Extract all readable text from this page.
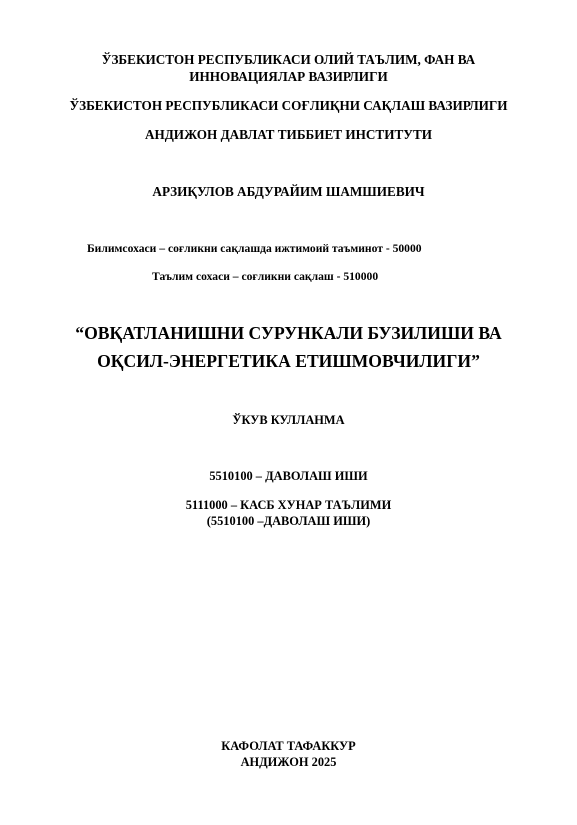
ЎЗБЕКИСТОН РЕСПУБЛИКАСИ ОЛИЙ ТАЪЛИМ, ФАН ВА
ИННОВАЦИЯЛАР ВАЗИРЛИГИ
ЎЗБЕКИСТОН РЕСПУБЛИКАСИ СОҒЛИҚНИ САҚЛАШ ВАЗИРЛИГИ
АНДИЖОН ДАВЛАТ ТИББИЕТ ИНСТИТУТИ
АРЗИҚУЛОВ АБДУРАЙИМ ШАМШИЕВИЧ
Билимсохаси – соғликни сақлашда ижтимоий таъминот - 50000
Таълим сохаси – соғликни сақлаш - 510000
“ОВҚАТЛАНИШНИ СУРУНКАЛИ БУЗИЛИШИ ВА
ОҚСИЛ-ЭНЕРГЕТИКА ЕТИШМОВЧИЛИГИ”
ЎКУВ КУЛЛАНМА
5510100 – ДАВОЛАШ ИШИ
5111000 – КАСБ ХУНАР ТАЪЛИМИ
(5510100 –ДАВОЛАШ ИШИ)
КАФОЛАТ ТАФАККУР
АНДИЖОН 2025
